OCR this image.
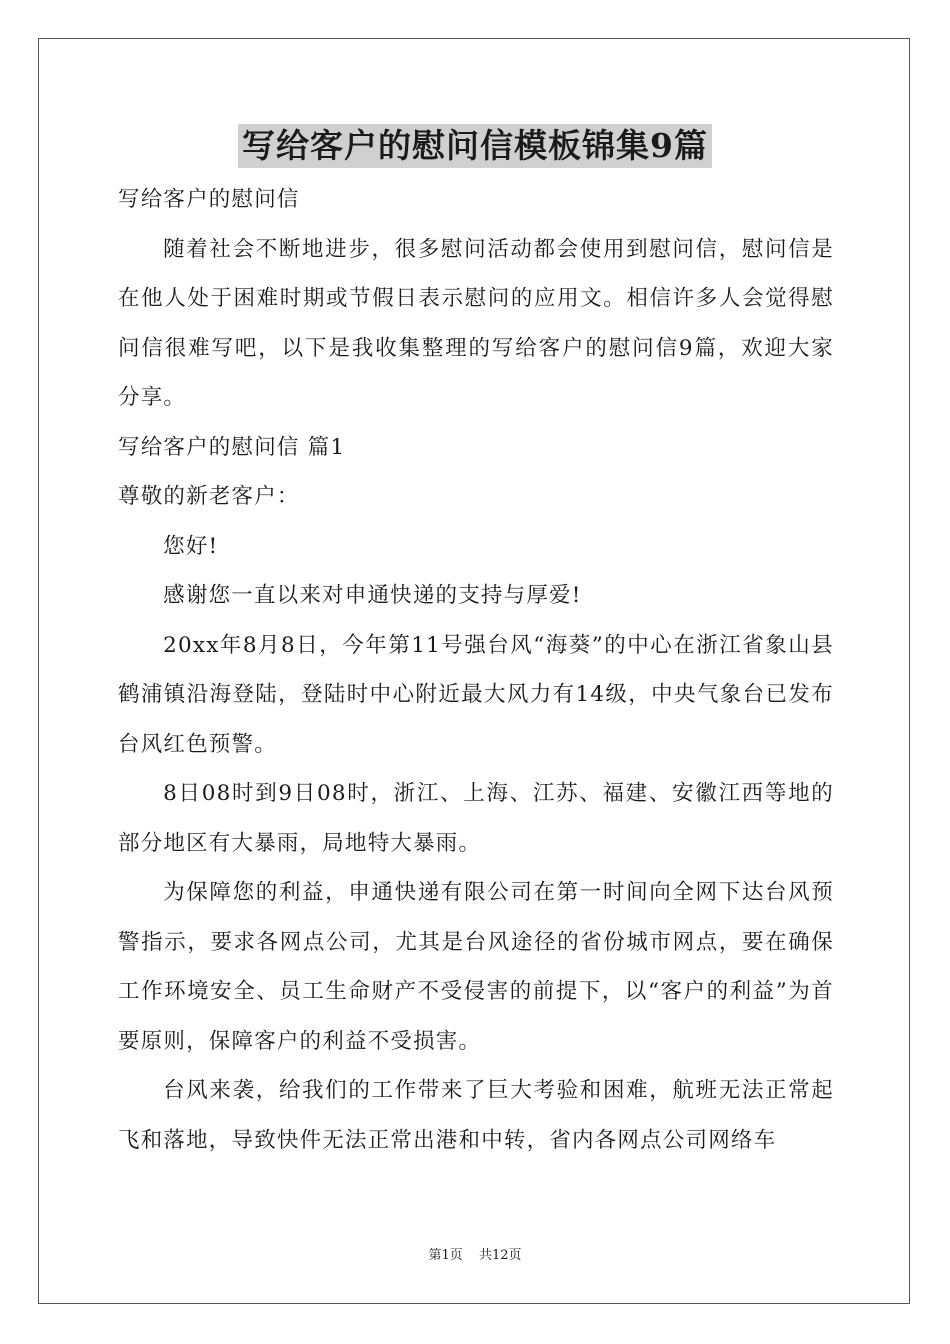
写给客户的慰问信模板锦集9篇

写给客户的慰问信

随着社会不断地进步，很多慰问活动都会使用到慰问信，慰问信是在他人处于困难时期或节假日表示慰问的应用文。相信许多人会觉得慰问信很难写吧，以下是我收集整理的写给客户的慰问信9篇，欢迎大家分享。

写给客户的慰问信 篇1

尊敬的新老客户：

您好!

感谢您一直以来对申通快递的支持与厚爱!

20xx年8月8日，今年第11号强台风“海葵”的中心在浙江省象山县鹤浦镇沿海登陆，登陆时中心附近最大风力有14级，中央气象台已发布台风红色预警。

8日08时到9日08时，浙江、上海、江苏、福建、安徽江西等地的部分地区有大暴雨，局地特大暴雨。

为保障您的利益，申通快递有限公司在第一时间向全网下达台风预警指示，要求各网点公司，尤其是台风途径的省份城市网点，要在确保工作环境安全、员工生命财产不受侵害的前提下，以“客户的利益”为首要原则，保障客户的利益不受损害。

台风来袭，给我们的工作带来了巨大考验和困难，航班无法正常起飞和落地，导致快件无法正常出港和中转，省内各网点公司网络车

第1页 共12页
